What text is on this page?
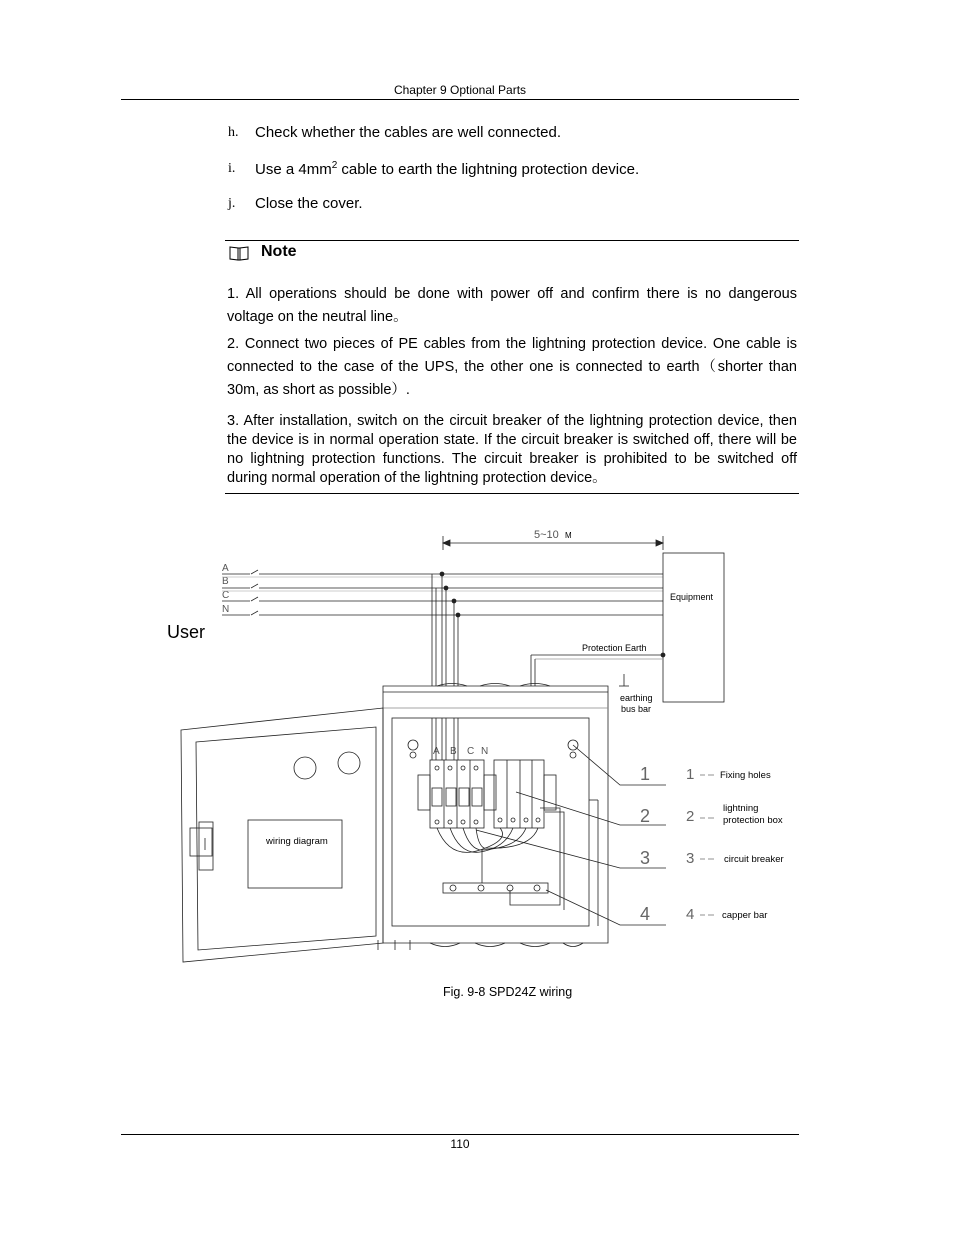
Chapter 9 Optional Parts
h. Check whether the cables are well connected.
i. Use a $4mm^2$ cable to earth the lightning protection device.
j. Close the cover.
Note
1. All operations should be done with power off and confirm there is no dangerous voltage on the neutral line。
2. Connect two pieces of PE cables from the lightning protection device. One cable is connected to the case of the UPS, the other one is connected to earth（shorter than 30m, as short as possible）.
3. After installation, switch on the circuit breaker of the lightning protection device, then the device is in normal operation state. If the circuit breaker is switched off, there will be no lightning protection functions. The circuit breaker is prohibited to be switched off during normal operation of the lightning protection device。
5~10 M
A
B
C
N
Equipment
Protection Earth
earthing
bus bar
A B C N
User
wiring diagram
1
2
3
4
1
2
3
4
Fixing holes
lightning protection box
circuit breaker
capper bar
Fig. 9-8 SPD24Z wiring
110
